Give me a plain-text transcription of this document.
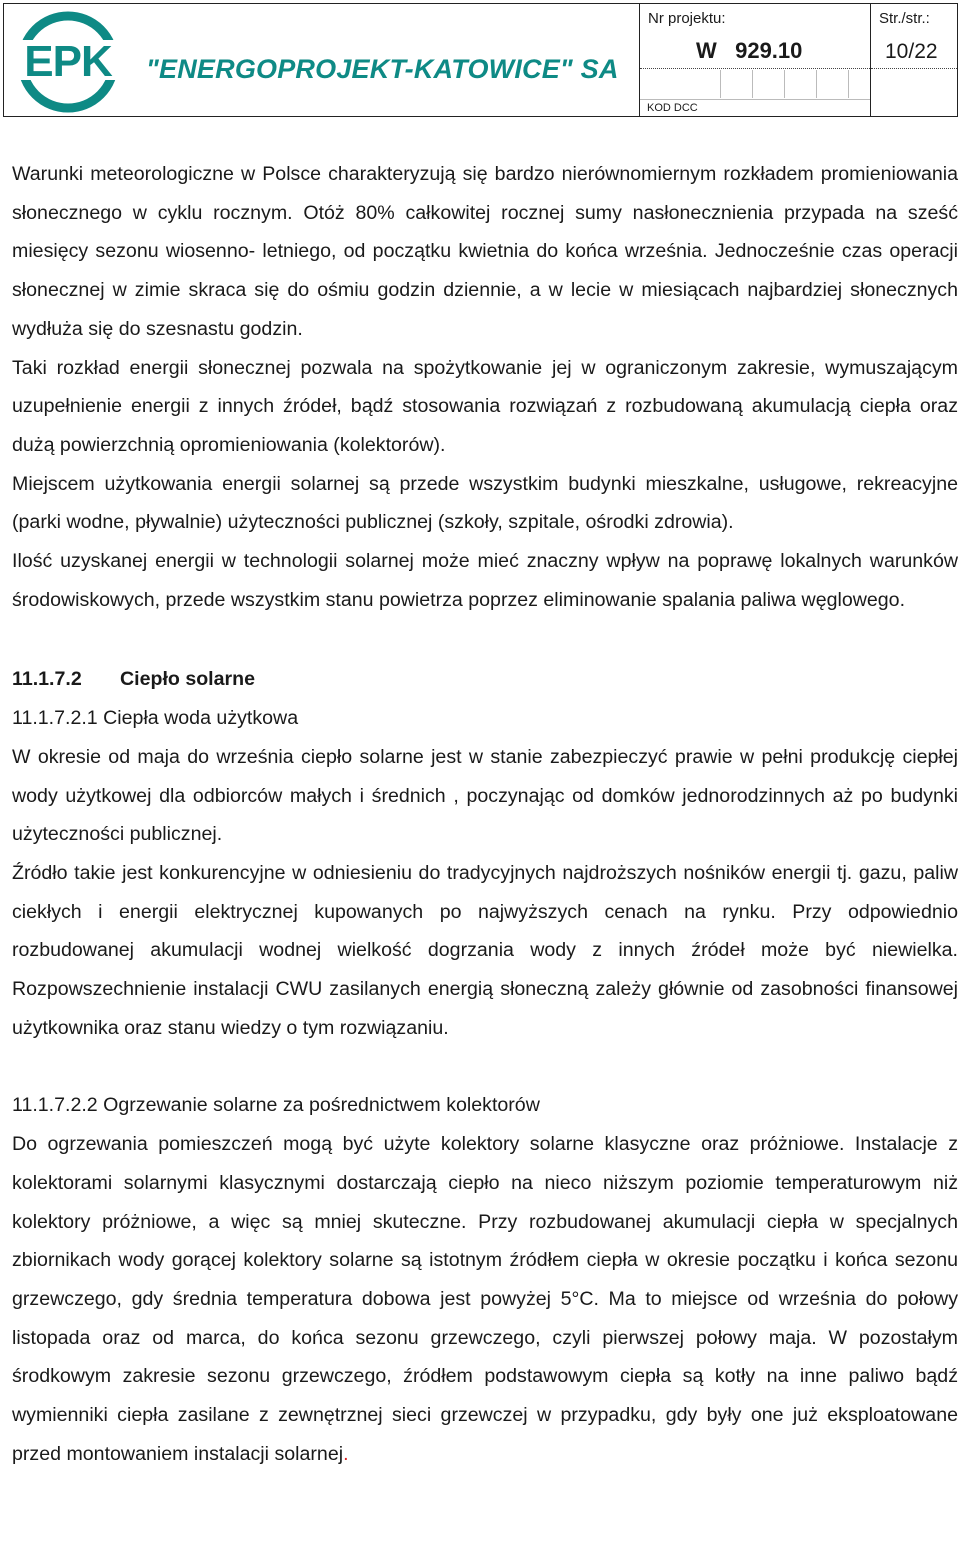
EPK "ENERGOPROJEKT-KATOWICE" SA
Nr projektu:
W   929.10
KOD DCC
Str./str.:
10/22

Warunki meteorologiczne w Polsce charakteryzują się bardzo nierównomiernym rozkładem promieniowania słonecznego w cyklu rocznym. Otóż 80% całkowitej rocznej sumy nasłonecznienia przypada na sześć miesięcy sezonu wiosenno- letniego, od początku kwietnia do końca września. Jednocześnie czas operacji słonecznej w zimie skraca się do ośmiu godzin dziennie, a w lecie w miesiącach najbardziej słonecznych wydłuża się do szesnastu godzin.

Taki rozkład energii słonecznej pozwala na spożytkowanie jej w ograniczonym zakresie, wymuszającym uzupełnienie energii z innych źródeł, bądź stosowania rozwiązań z rozbudowaną akumulacją ciepła oraz dużą powierzchnią opromieniowania (kolektorów).

Miejscem użytkowania energii solarnej są przede wszystkim budynki mieszkalne, usługowe, rekreacyjne (parki wodne, pływalnie) użyteczności publicznej (szkoły, szpitale, ośrodki zdrowia).

Ilość uzyskanej energii w technologii solarnej może mieć znaczny wpływ na poprawę lokalnych warunków środowiskowych, przede wszystkim stanu powietrza poprzez eliminowanie spalania paliwa węglowego.

11.1.7.2 Ciepło solarne
11.1.7.2.1 Ciepła woda użytkowa

W okresie od maja do września ciepło solarne jest w stanie zabezpieczyć prawie w pełni produkcję ciepłej wody użytkowej dla odbiorców małych i średnich , poczynając od domków jednorodzinnych aż po budynki użyteczności publicznej.

Źródło takie jest konkurencyjne w odniesieniu do tradycyjnych najdroższych nośników energii tj. gazu, paliw ciekłych i energii elektrycznej kupowanych po najwyższych cenach na rynku. Przy odpowiednio rozbudowanej akumulacji wodnej wielkość dogrzania wody z innych źródeł może być niewielka. Rozpowszechnienie instalacji CWU zasilanych energią słoneczną zależy głównie od zasobności finansowej użytkownika oraz stanu wiedzy o tym rozwiązaniu.

11.1.7.2.2 Ogrzewanie solarne za pośrednictwem kolektorów

Do ogrzewania pomieszczeń mogą być użyte kolektory solarne klasyczne oraz próżniowe. Instalacje z kolektorami solarnymi klasycznymi dostarczają ciepło na nieco niższym poziomie temperaturowym niż kolektory próżniowe, a więc są mniej skuteczne. Przy rozbudowanej akumulacji ciepła w specjalnych zbiornikach wody gorącej kolektory solarne są istotnym źródłem ciepła w okresie początku i końca sezonu grzewczego, gdy średnia temperatura dobowa jest powyżej 5°C. Ma to miejsce od września do połowy listopada oraz od marca, do końca sezonu grzewczego, czyli pierwszej połowy maja. W pozostałym środkowym zakresie sezonu grzewczego, źródłem podstawowym ciepła są kotły na inne paliwo bądź wymienniki ciepła zasilane z zewnętrznej sieci grzewczej w przypadku, gdy były one już eksploatowane przed montowaniem instalacji solarnej.
